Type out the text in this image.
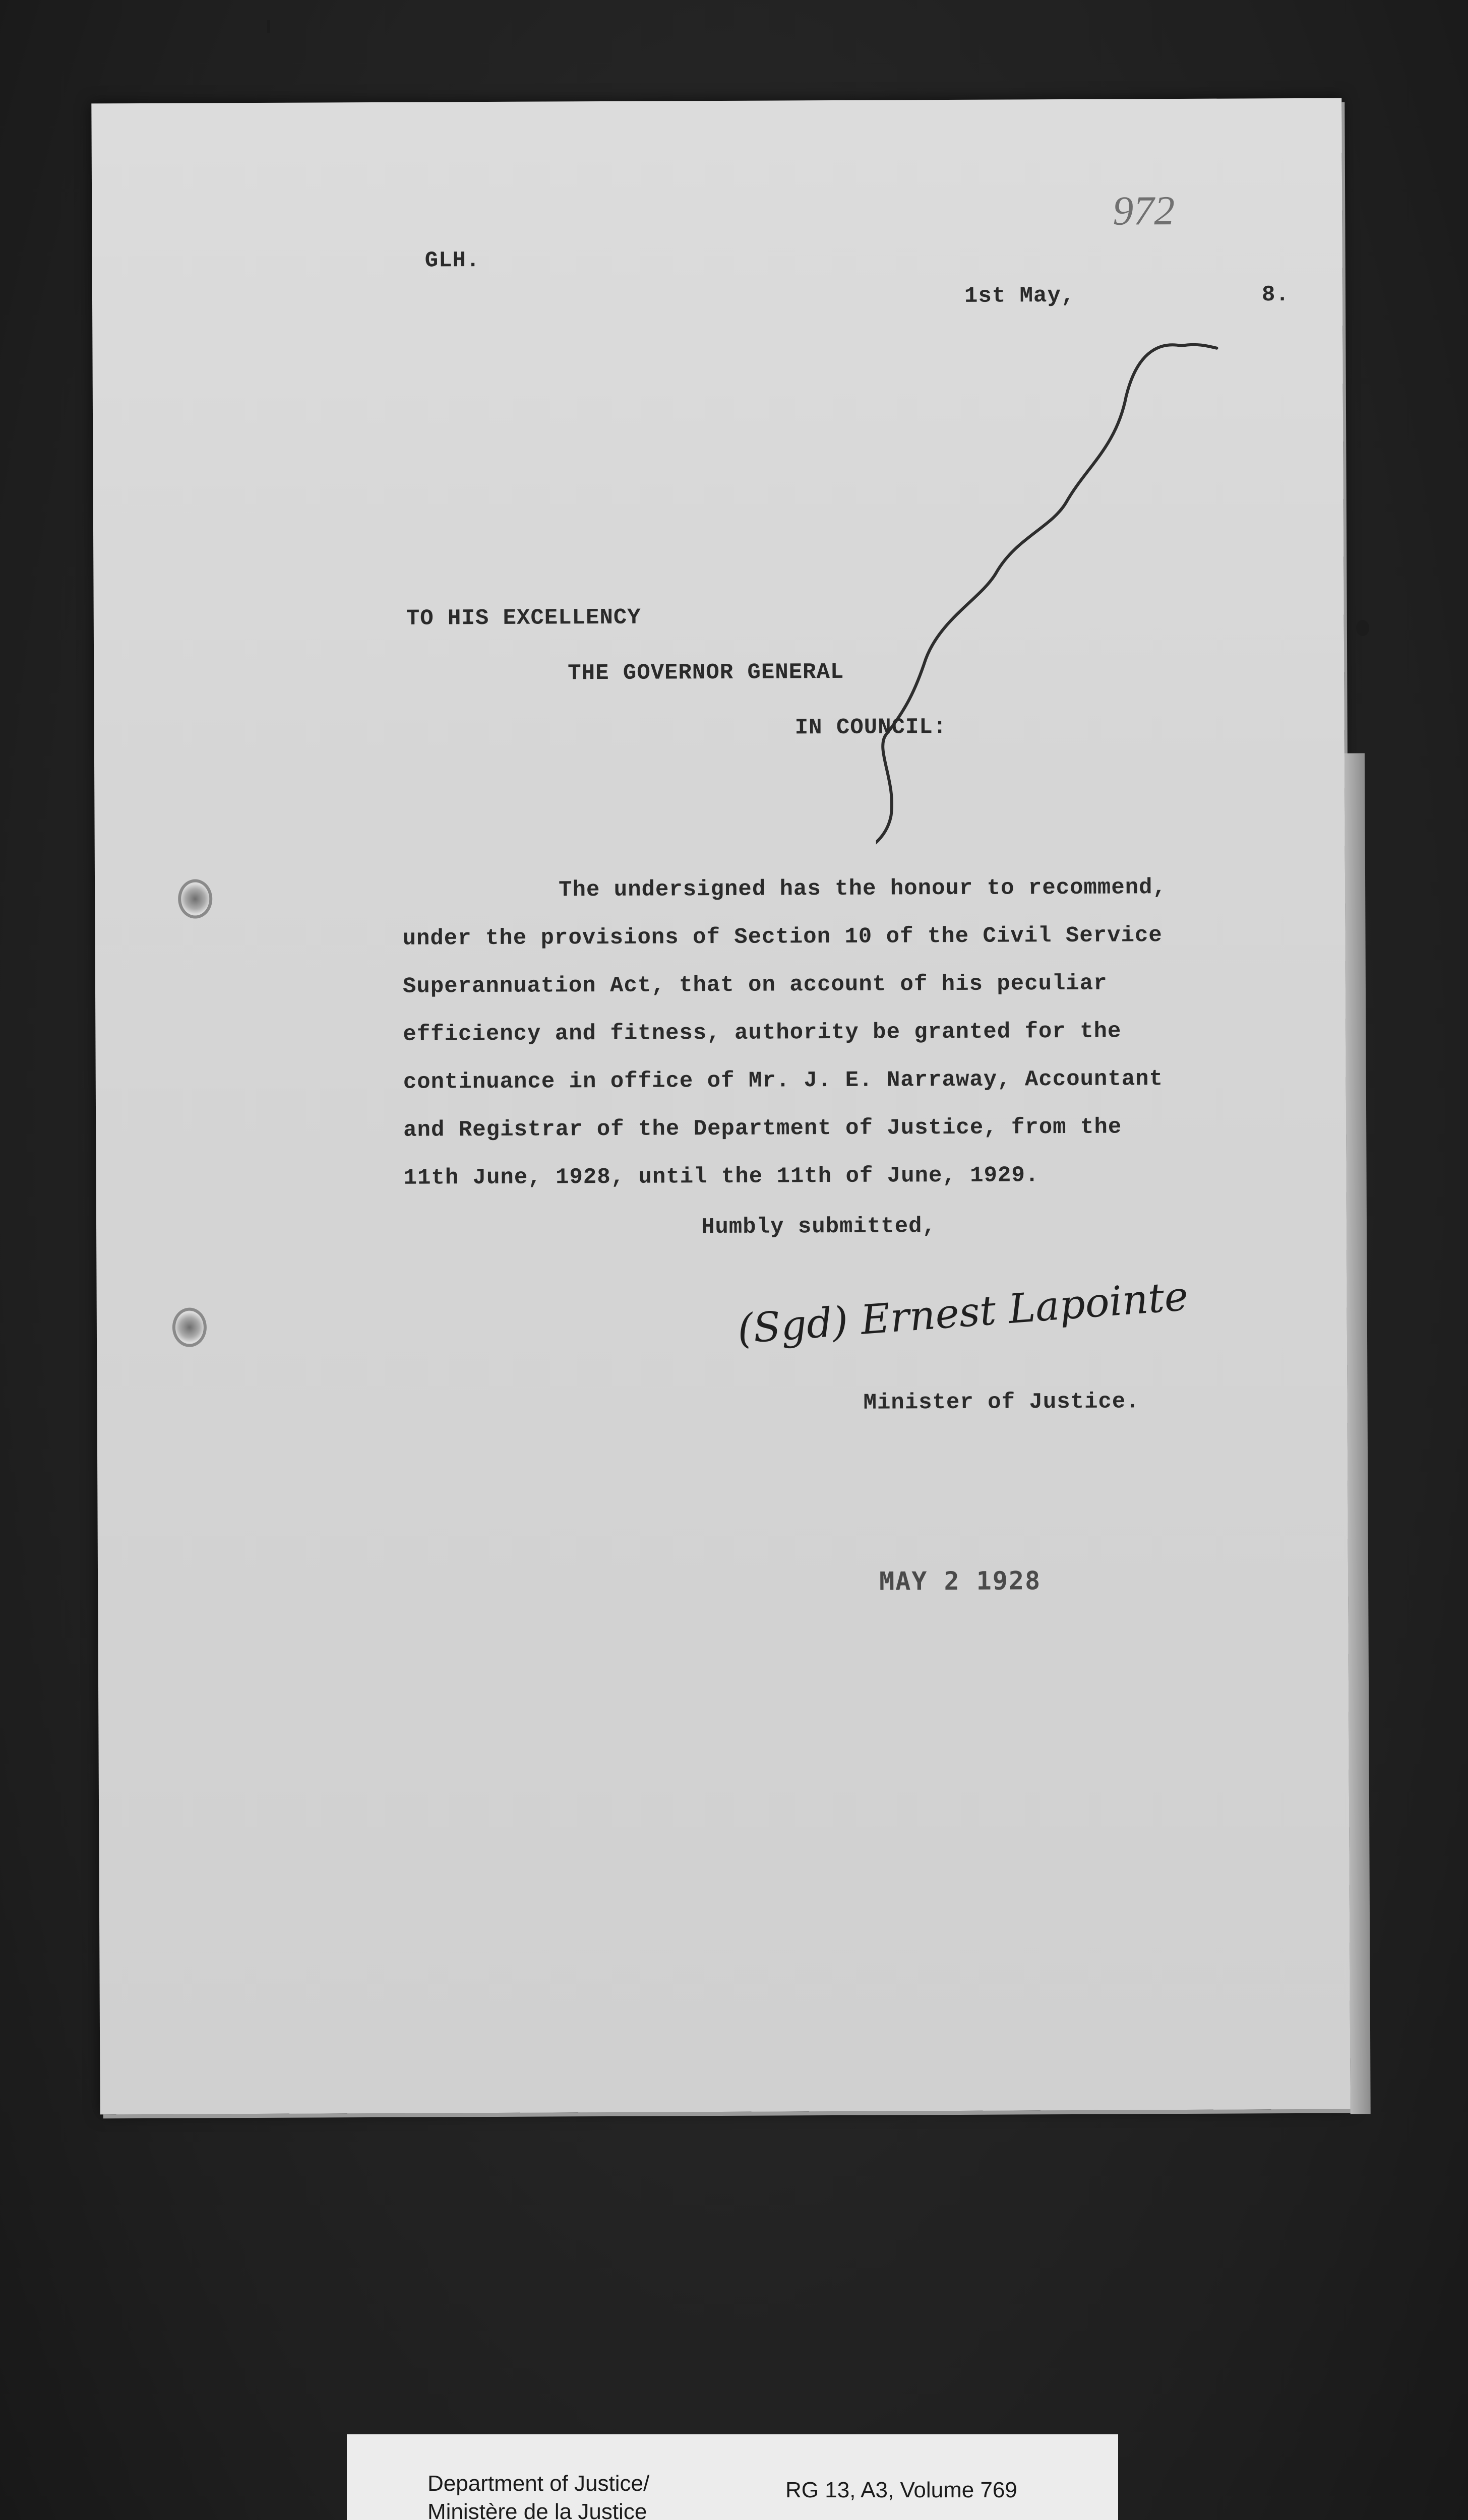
972
GLH.
1st May,	8.
TO HIS EXCELLENCY
THE GOVERNOR GENERAL
IN COUNCIL:
The undersigned has the honour to recommend,
under the provisions of Section 10 of the Civil Service
Superannuation Act, that on account of his peculiar
efficiency and fitness, authority be granted for the
continuance in office of Mr. J. E. Narraway, Accountant
and Registrar of the Department of Justice, from the
11th June, 1928, until the 11th of June, 1929.
Humbly submitted,
(Sgd) Ernest Lapointe
Minister of Justice.
MAY 2 1928
Department of Justice/
Ministère de la Justice
RG 13, A3, Volume 769
